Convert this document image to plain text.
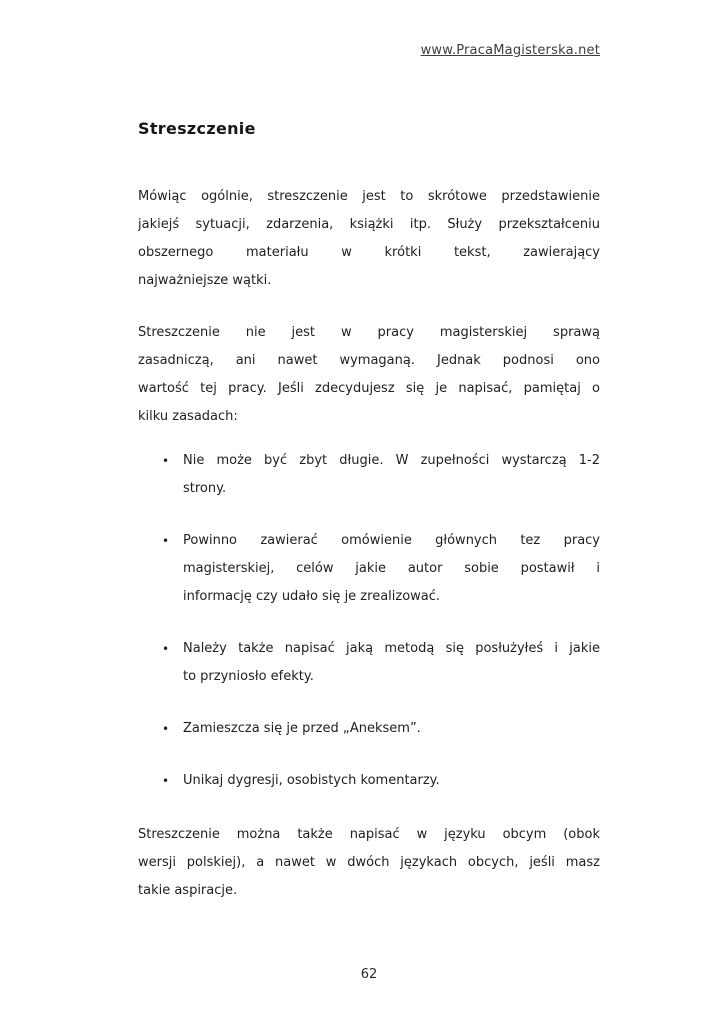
www.PracaMagisterska.net
Streszczenie
Mówiąc ogólnie, streszczenie jest to skrótowe przedstawienie
jakiejś sytuacji, zdarzenia, książki itp. Służy przekształceniu
obszernego materiału w krótki tekst, zawierający
najważniejsze wątki.
Streszczenie nie jest w pracy magisterskiej sprawą
zasadniczą, ani nawet wymaganą. Jednak podnosi ono
wartość tej pracy. Jeśli zdecydujesz się je napisać, pamiętaj o
kilku zasadach:
•	Nie może być zbyt długie. W zupełności wystarczą 1-2
strony.
•	Powinno zawierać omówienie głównych tez pracy
magisterskiej, celów jakie autor sobie postawił i
informację czy udało się je zrealizować.
•	Należy także napisać jaką metodą się posłużyłeś i jakie
to przyniosło efekty.
•	Zamieszcza się je przed „Aneksem”.
•	Unikaj dygresji, osobistych komentarzy.
Streszczenie można także napisać w języku obcym (obok
wersji polskiej), a nawet w dwóch językach obcych, jeśli masz
takie aspiracje.
62
